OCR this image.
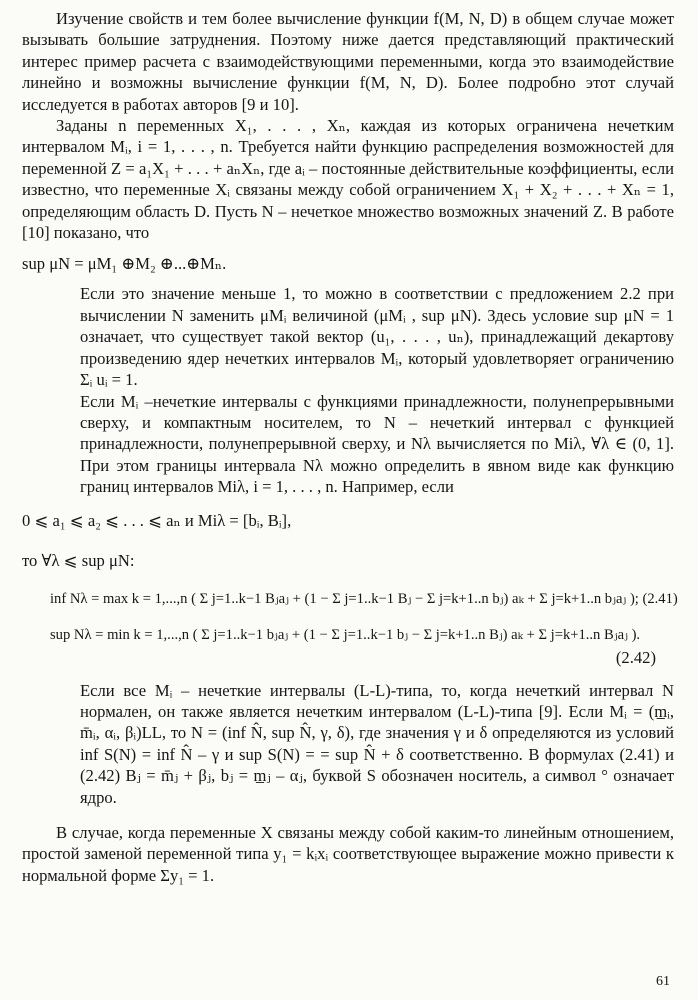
Изучение свойств и тем более вычисление функции f(M, N, D) в общем случае может вызывать большие затруднения. Поэтому ниже дается представляющий практический интерес пример расчета с взаимодействующими переменными, когда это взаимодействие линейно и возможны вычисление функции f(M, N, D). Более подробно этот случай исследуется в работах авторов [9 и 10].

Заданы n переменных X₁, . . . , Xₙ, каждая из которых ограничена нечетким интервалом Mᵢ, i = 1, . . . , n. Требуется найти функцию распределения возможностей для переменной Z = a₁X₁ + . . . + aₙXₙ, где aᵢ – постоянные действительные коэффициенты, если известно, что переменные Xᵢ связаны между собой ограничением X₁ + X₂ + . . . + Xₙ = 1, определяющим область D. Пусть N – нечеткое множество возможных значений Z. В работе [10] показано, что

sup μN = μM₁ ⊕M₂ ⊕...⊕Mₙ.

Если это значение меньше 1, то можно в соответствии с предложением 2.2 при вычислении N заменить μMᵢ величиной (μMᵢ , sup μN). Здесь условие sup μN = 1 означает, что существует такой вектор (u₁, . . . , uₙ), принадлежащий декартову произведению ядер нечетких интервалов Mᵢ, который удовлетворяет ограничению Σᵢ uᵢ = 1.

Если Mᵢ –нечеткие интервалы с функциями принадлежности, полунепрерывными сверху, и компактным носителем, то N – нечеткий интервал с функцией принадлежности, полунепрерывной сверху, и Nλ вычисляется по Miλ, ∀λ ∈ (0, 1]. При этом границы интервала Nλ можно определить в явном виде как функцию границ интервалов Miλ, i = 1, . . . , n. Например, если

0 ⩽ a₁ ⩽ a₂ ⩽ . . . ⩽ aₙ и Miλ = [bᵢ, Bᵢ],

то ∀λ ⩽ sup μN:

inf Nλ = max k = 1,...,n ( Σ j=1..k−1 Bⱼaⱼ + (1 − Σ j=1..k−1 Bⱼ − Σ j=k+1..n bⱼ) aₖ + Σ j=k+1..n bⱼaⱼ ); (2.41)

sup Nλ = min k = 1,...,n ( Σ j=1..k−1 bⱼaⱼ + (1 − Σ j=1..k−1 bⱼ − Σ j=k+1..n Bⱼ) aₖ + Σ j=k+1..n Bⱼaⱼ ).

(2.42)

Если все Mᵢ – нечеткие интервалы (L-L)-типа, то, когда нечеткий интервал N нормален, он также является нечетким интервалом (L-L)-типа [9]. Если Mᵢ = (m̲ᵢ, m̄ᵢ, αᵢ, βᵢ)LL, то N = (inf N̂, sup N̂, γ, δ), где значения γ и δ определяются из условий inf S(N) = inf N̂ – γ и sup S(N) = = sup N̂ + δ соответственно. В формулах (2.41) и (2.42) Bⱼ = m̄ⱼ + βⱼ, bⱼ = m̲ⱼ – αⱼ, буквой S обозначен носитель, а символ ° означает ядро.

В случае, когда переменные X связаны между собой каким-то линейным отношением, простой заменой переменной типа y₁ = kᵢxᵢ соответствующее выражение можно привести к нормальной форме Σy₁ = 1.

61
